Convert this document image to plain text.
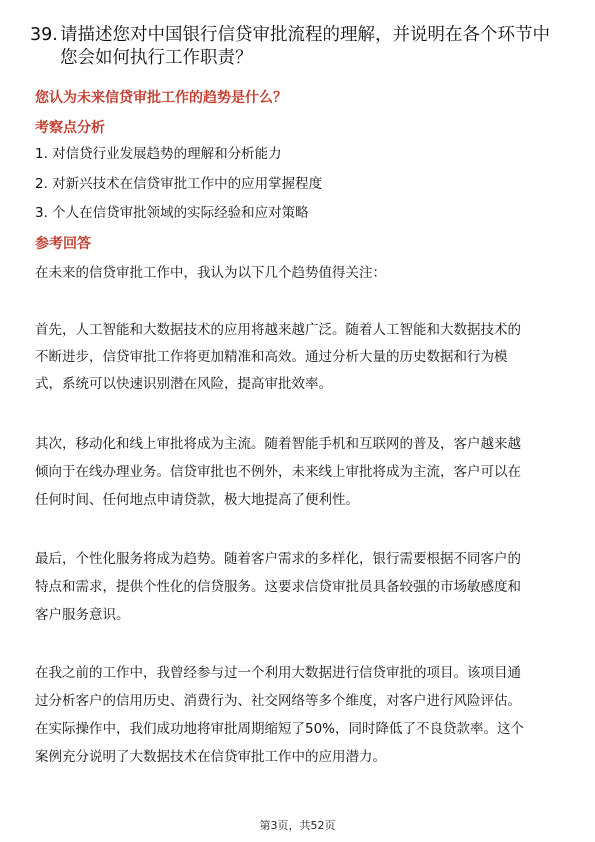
39. 请描述您对中国银行信贷审批流程的理解，并说明在各个环节中
您会如何执行工作职责？
您认为未来信贷审批工作的趋势是什么？
考察点分析
1. 对信贷行业发展趋势的理解和分析能力
2. 对新兴技术在信贷审批工作中的应用掌握程度
3. 个人在信贷审批领域的实际经验和应对策略
参考回答
在未来的信贷审批工作中，我认为以下几个趋势值得关注：
首先，人工智能和大数据技术的应用将越来越广泛。随着人工智能和大数据技术的
不断进步，信贷审批工作将更加精准和高效。通过分析大量的历史数据和行为模
式，系统可以快速识别潜在风险，提高审批效率。
其次，移动化和线上审批将成为主流。随着智能手机和互联网的普及，客户越来越
倾向于在线办理业务。信贷审批也不例外，未来线上审批将成为主流，客户可以在
任何时间、任何地点申请贷款，极大地提高了便利性。
最后，个性化服务将成为趋势。随着客户需求的多样化，银行需要根据不同客户的
特点和需求，提供个性化的信贷服务。这要求信贷审批员具备较强的市场敏感度和
客户服务意识。
在我之前的工作中，我曾经参与过一个利用大数据进行信贷审批的项目。该项目通
过分析客户的信用历史、消费行为、社交网络等多个维度，对客户进行风险评估。
在实际操作中，我们成功地将审批周期缩短了50%，同时降低了不良贷款率。这个
案例充分说明了大数据技术在信贷审批工作中的应用潜力。
第3页，共52页
